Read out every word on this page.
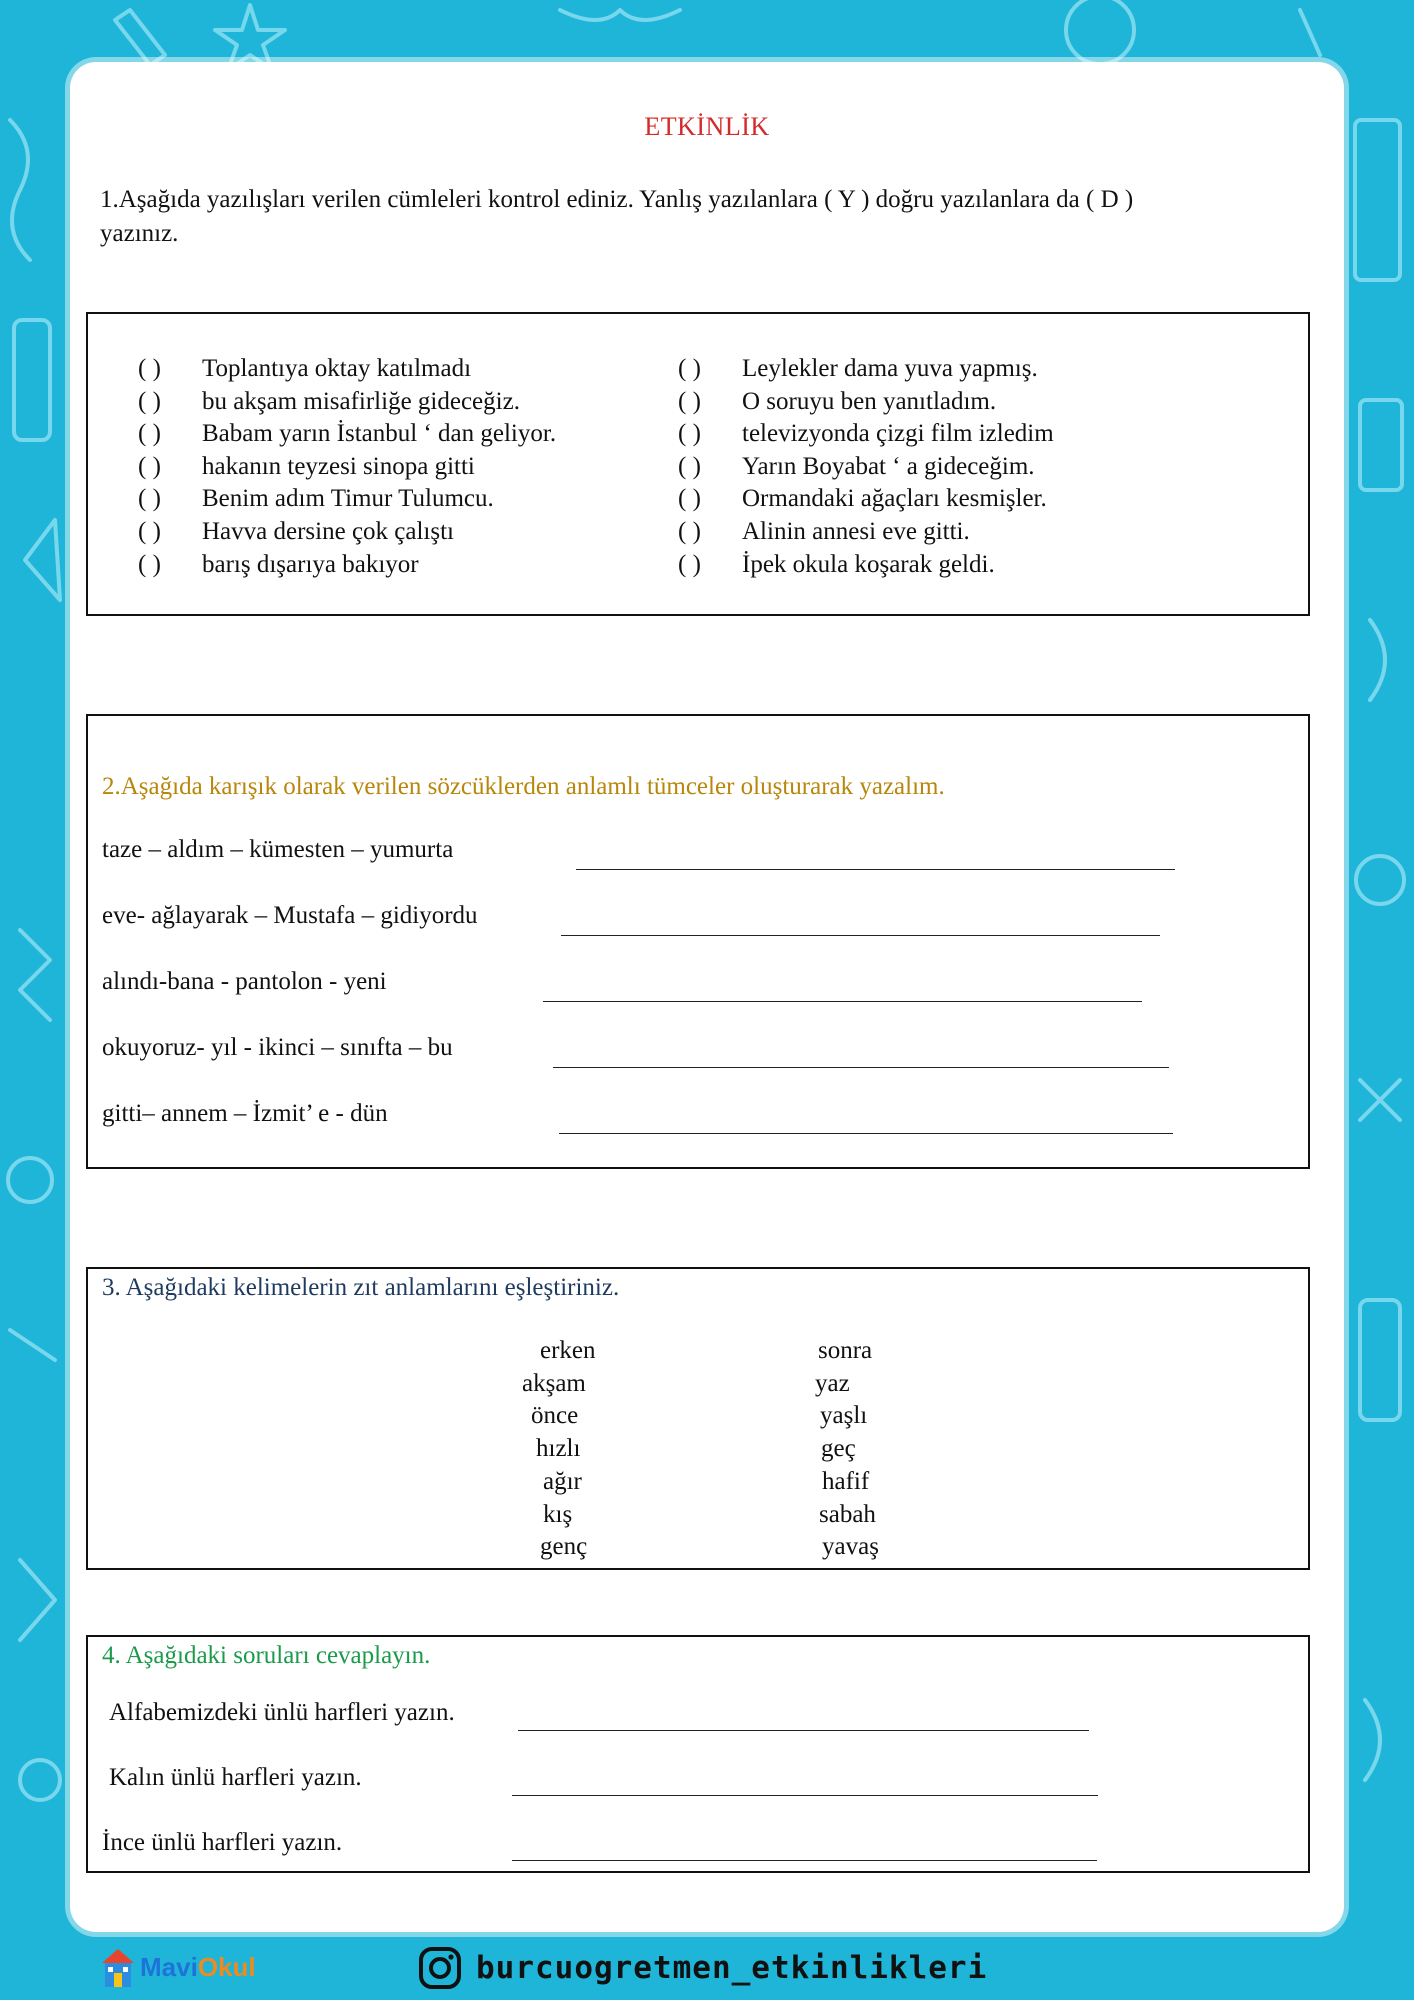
ETKİNLİK
1.Aşağıda yazılışları verilen cümleleri kontrol ediniz. Yanlış yazılanlara ( Y ) doğru yazılanlara da ( D )
yazınız.
( ) Toplantıya oktay katılmadı
( ) bu akşam misafirliğe gideceğiz.
( ) Babam yarın İstanbul ‘ dan geliyor.
( ) hakanın teyzesi sinopa gitti
( ) Benim adım Timur Tulumcu.
( ) Havva dersine çok çalıştı
( ) barış dışarıya bakıyor
( ) Leylekler dama yuva yapmış.
( ) O soruyu ben yanıtladım.
( ) televizyonda çizgi film izledim
( ) Yarın Boyabat ‘ a gideceğim.
( ) Ormandaki ağaçları kesmişler.
( ) Alinin annesi eve gitti.
( ) İpek okula koşarak geldi.
2.Aşağıda karışık olarak verilen sözcüklerden anlamlı tümceler oluşturarak yazalım.
taze – aldım – kümesten – yumurta
eve- ağlayarak – Mustafa – gidiyordu
alındı-bana - pantolon - yeni
okuyoruz- yıl - ikinci – sınıfta – bu
gitti– annem – İzmit’ e - dün
3. Aşağıdaki kelimelerin zıt anlamlarını eşleştiriniz.
erken	sonra
akşam	yaz
önce	yaşlı
hızlı	geç
ağır	hafif
kış	sabah
genç	yavaş
4. Aşağıdaki soruları cevaplayın.
Alfabemizdeki ünlü harfleri yazın.
Kalın ünlü harfleri yazın.
İnce ünlü harfleri yazın.
MaviOkul	burcuogretmen_etkinlikleri
